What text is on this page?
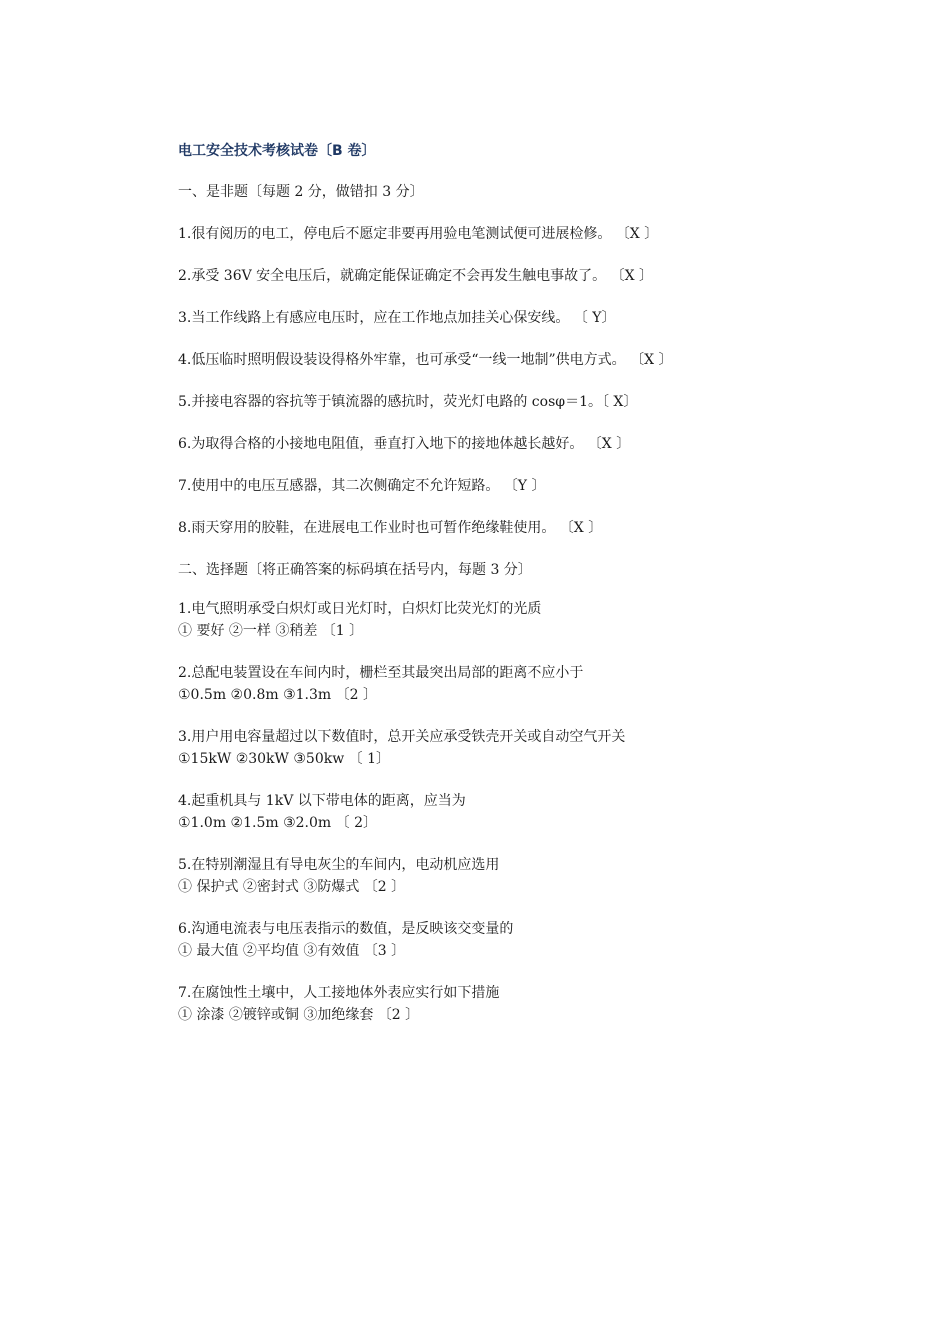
电工安全技术考核试卷〔B 卷〕
一、是非题〔每题 2 分，做错扣 3 分〕
1.很有阅历的电工，停电后不愿定非要再用验电笔测试便可进展检修。 〔X 〕
2.承受 36V 安全电压后，就确定能保证确定不会再发生触电事故了。 〔X 〕
3.当工作线路上有感应电压时，应在工作地点加挂关心保安线。 〔 Y〕
4.低压临时照明假设装设得格外牢靠，也可承受“一线一地制”供电方式。 〔X 〕
5.并接电容器的容抗等于镇流器的感抗时，荧光灯电路的 cosφ＝1。〔 X〕
6.为取得合格的小接地电阻值，垂直打入地下的接地体越长越好。 〔X 〕
7.使用中的电压互感器，其二次侧确定不允许短路。 〔Y 〕
8.雨天穿用的胶鞋，在进展电工作业时也可暂作绝缘鞋使用。 〔X 〕
二、选择题〔将正确答案的标码填在括号内，每题 3 分〕
1.电气照明承受白炽灯或日光灯时，白炽灯比荧光灯的光质
① 要好 ②一样 ③稍差 〔1 〕
2.总配电装置设在车间内时，栅栏至其最突出局部的距离不应小于
①0.5m ②0.8m ③1.3m 〔2 〕
3.用户用电容量超过以下数值时，总开关应承受铁壳开关或自动空气开关
①15kW ②30kW ③50kw 〔 1〕
4.起重机具与 1kV 以下带电体的距离，应当为
①1.0m ②1.5m ③2.0m 〔 2〕
5.在特别潮湿且有导电灰尘的车间内，电动机应选用
① 保护式 ②密封式 ③防爆式 〔2 〕
6.沟通电流表与电压表指示的数值，是反映该交变量的
① 最大值 ②平均值 ③有效值 〔3 〕
7.在腐蚀性土壤中，人工接地体外表应实行如下措施
① 涂漆 ②镀锌或铜 ③加绝缘套 〔2 〕
